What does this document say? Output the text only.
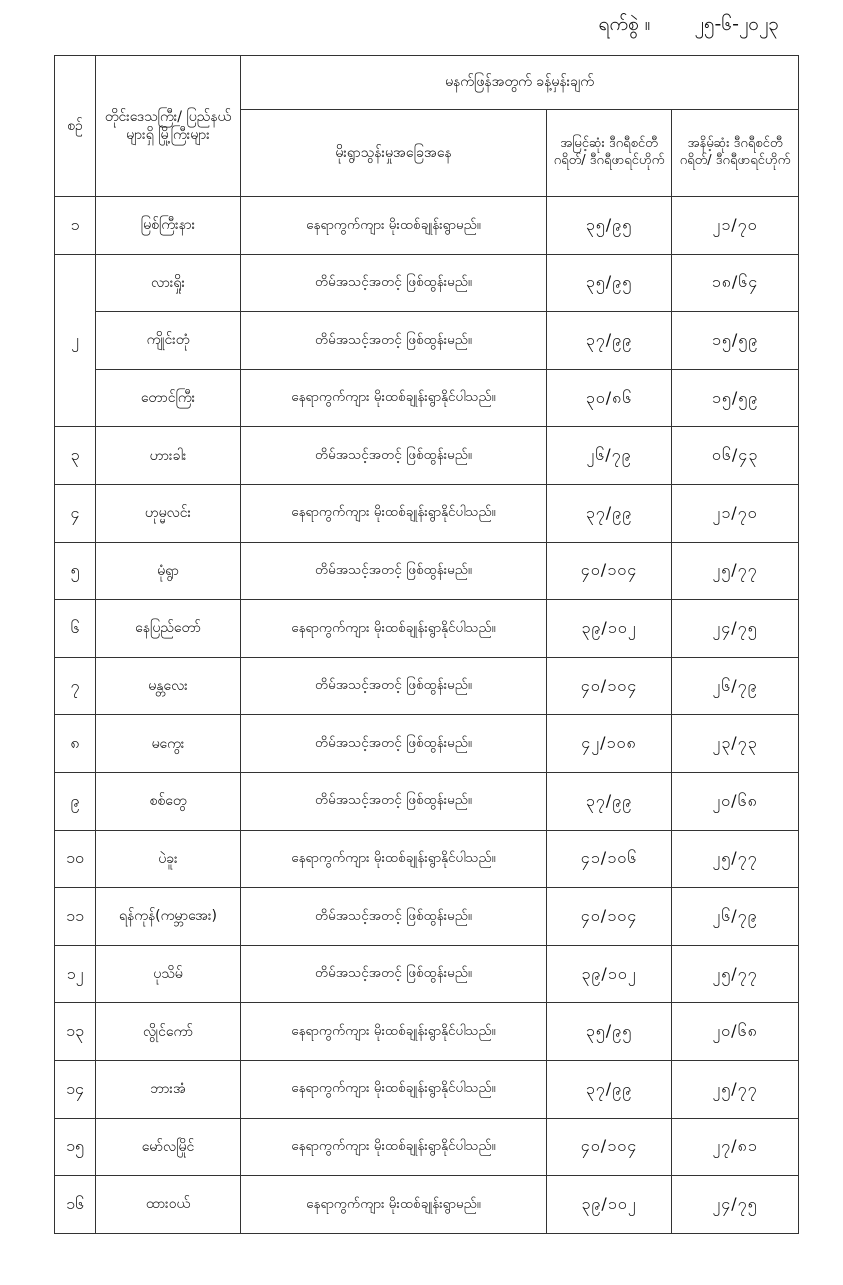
ရက်စွဲ ။ ၂၅-၆-၂၀၂၃
စဉ်	တိုင်းဒေသကြီး/ ပြည်နယ်များရှိ မြို့ကြီးများ	မနက်ဖြန်အတွက် ခန့်မှန်းချက်		
		မိုးရွာသွန်းမှုအခြေအနေ	အမြင့်ဆုံး ဒီဂရီစင်တီဂရိတ်/ ဒီဂရီဖာရင်ဟိုက်	အနိမ့်ဆုံး ဒီဂရီစင်တီဂရိတ်/ ဒီဂရီဖာရင်ဟိုက်
၁	မြစ်ကြီးနား	နေရာကွက်ကျား မိုးထစ်ချုန်းရွာမည်။	၃၅/၉၅	၂၁/၇၀
၂	လားရှိုး	တိမ်အသင့်အတင့် ဖြစ်ထွန်းမည်။	၃၅/၉၅	၁၈/၆၄
	ကျိုင်းတုံ	တိမ်အသင့်အတင့် ဖြစ်ထွန်းမည်။	၃၇/၉၉	၁၅/၅၉
	တောင်ကြီး	နေရာကွက်ကျား မိုးထစ်ချုန်းရွာနိုင်ပါသည်။	၃၀/၈၆	၁၅/၅၉
၃	ဟားခါး	တိမ်အသင့်အတင့် ဖြစ်ထွန်းမည်။	၂၆/၇၉	၀၆/၄၃
၄	ဟုမ္မလင်း	နေရာကွက်ကျား မိုးထစ်ချုန်းရွာနိုင်ပါသည်။	၃၇/၉၉	၂၁/၇၀
၅	မုံရွာ	တိမ်အသင့်အတင့် ဖြစ်ထွန်းမည်။	၄၀/၁၀၄	၂၅/၇၇
၆	နေပြည်တော်	နေရာကွက်ကျား မိုးထစ်ချုန်းရွာနိုင်ပါသည်။	၃၉/၁၀၂	၂၄/၇၅
၇	မန္တလေး	တိမ်အသင့်အတင့် ဖြစ်ထွန်းမည်။	၄၀/၁၀၄	၂၆/၇၉
၈	မကွေး	တိမ်အသင့်အတင့် ဖြစ်ထွန်းမည်။	၄၂/၁၀၈	၂၃/၇၃
၉	စစ်တွေ	တိမ်အသင့်အတင့် ဖြစ်ထွန်းမည်။	၃၇/၉၉	၂၀/၆၈
၁၀	ပဲခူး	နေရာကွက်ကျား မိုးထစ်ချုန်းရွာနိုင်ပါသည်။	၄၁/၁၀၆	၂၅/၇၇
၁၁	ရန်ကုန်(ကမ္ဘာအေး)	တိမ်အသင့်အတင့် ဖြစ်ထွန်းမည်။	၄၀/၁၀၄	၂၆/၇၉
၁၂	ပုသိမ်	တိမ်အသင့်အတင့် ဖြစ်ထွန်းမည်။	၃၉/၁၀၂	၂၅/၇၇
၁၃	လွိုင်ကော်	နေရာကွက်ကျား မိုးထစ်ချုန်းရွာနိုင်ပါသည်။	၃၅/၉၅	၂၀/၆၈
၁၄	ဘားအံ	နေရာကွက်ကျား မိုးထစ်ချုန်းရွာနိုင်ပါသည်။	၃၇/၉၉	၂၅/၇၇
၁၅	မော်လမြိုင်	နေရာကွက်ကျား မိုးထစ်ချုန်းရွာနိုင်ပါသည်။	၄၀/၁၀၄	၂၇/၈၁
၁၆	ထားဝယ်	နေရာကွက်ကျား မိုးထစ်ချုန်းရွာမည်။	၃၉/၁၀၂	၂၄/၇၅
